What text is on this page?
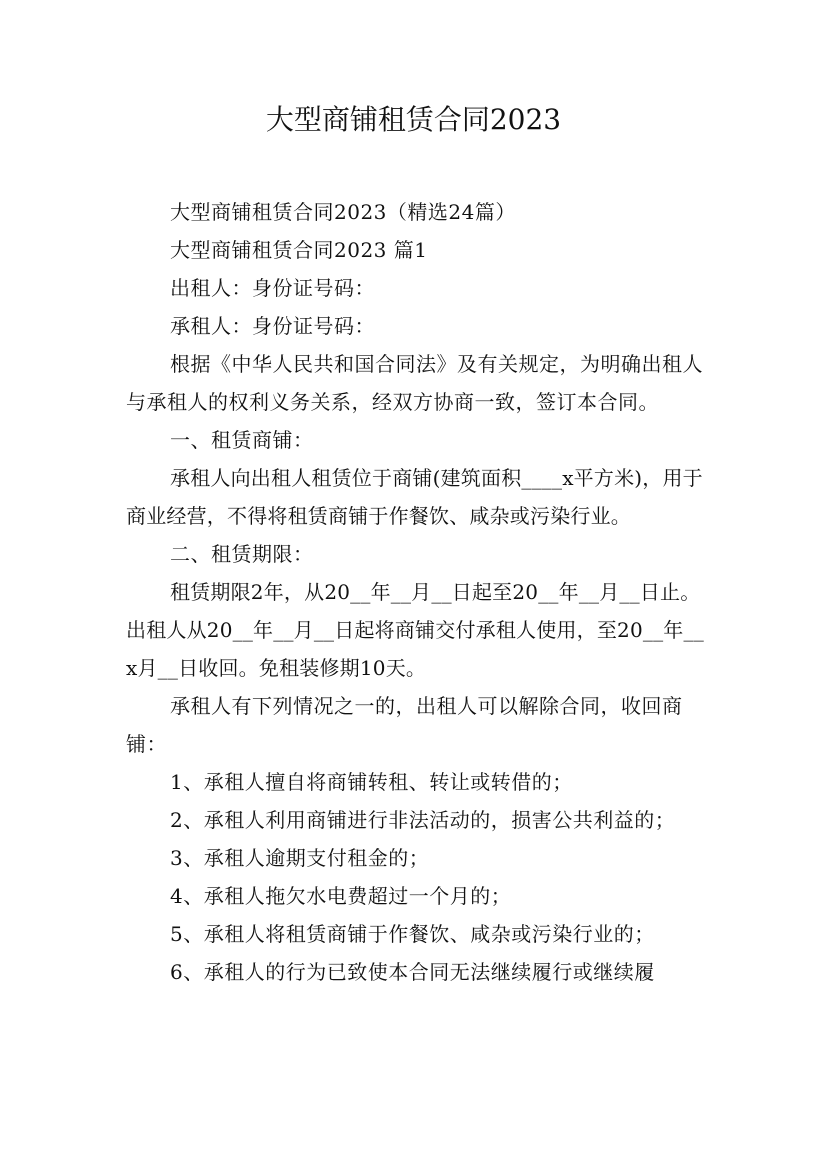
大型商铺租赁合同2023

大型商铺租赁合同2023（精选24篇）

大型商铺租赁合同2023 篇1

出租人：身份证号码：

承租人：身份证号码：

根据《中华人民共和国合同法》及有关规定，为明确出租人与承租人的权利义务关系，经双方协商一致，签订本合同。

一、租赁商铺：

承租人向出租人租赁位于商铺(建筑面积____x平方米)，用于商业经营，不得将租赁商铺于作餐饮、咸杂或污染行业。

二、租赁期限：

租赁期限2年，从20__年__月__日起至20__年__月__日止。出租人从20__年__月__日起将商铺交付承租人使用，至20__年__x月__日收回。免租装修期10天。

承租人有下列情况之一的，出租人可以解除合同，收回商铺：

1、承租人擅自将商铺转租、转让或转借的；

2、承租人利用商铺进行非法活动的，损害公共利益的；

3、承租人逾期支付租金的；

4、承租人拖欠水电费超过一个月的；

5、承租人将租赁商铺于作餐饮、咸杂或污染行业的；

6、承租人的行为已致使本合同无法继续履行或继续履
